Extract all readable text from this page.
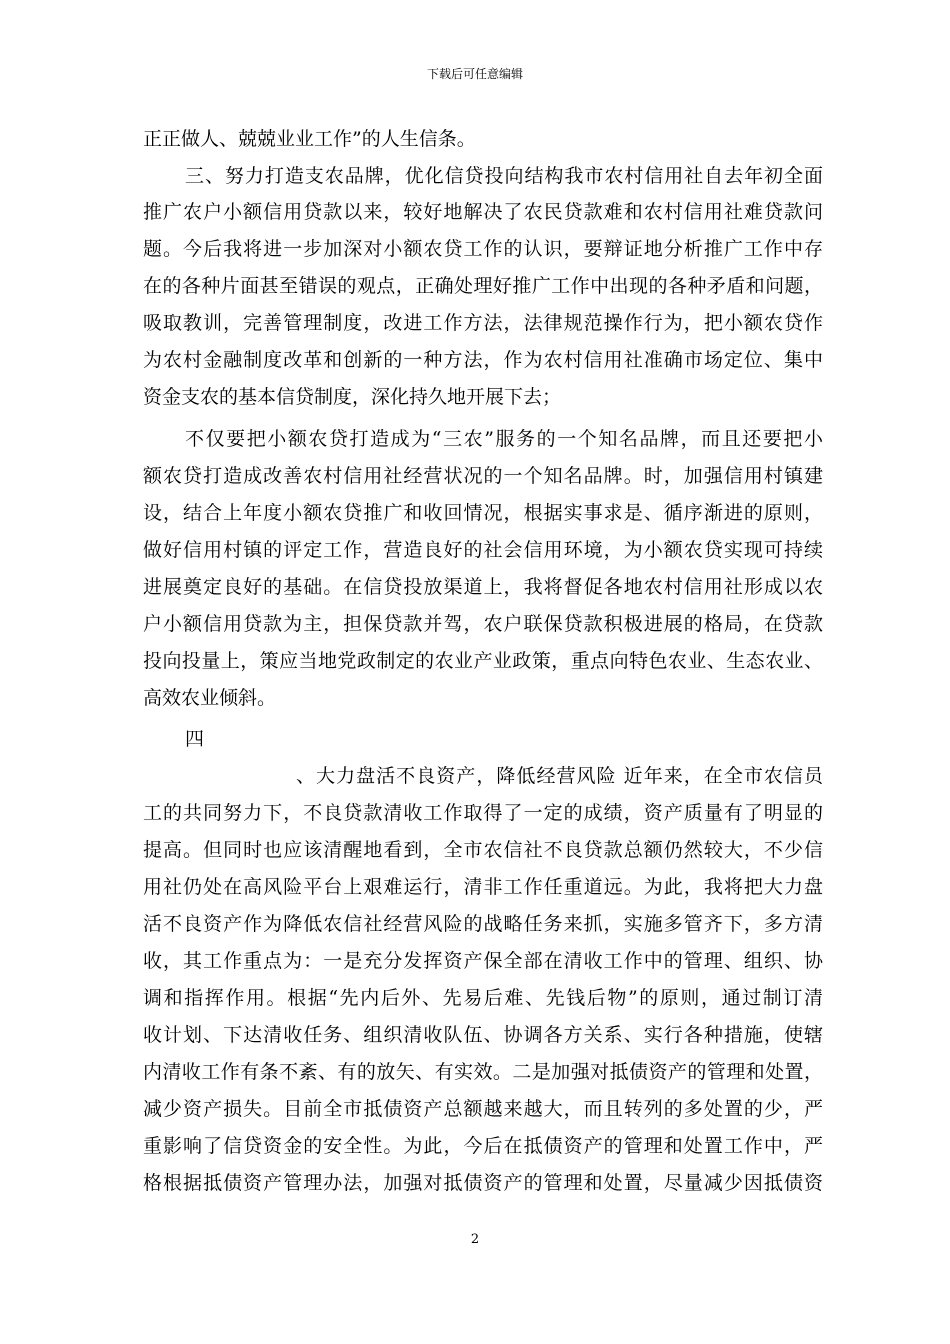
下载后可任意编辑
正正做人、兢兢业业工作”的人生信条。
三、努力打造支农品牌，优化信贷投向结构我市农村信用社自去年初全面
推广农户小额信用贷款以来，较好地解决了农民贷款难和农村信用社难贷款问
题。今后我将进一步加深对小额农贷工作的认识，要辩证地分析推广工作中存
在的各种片面甚至错误的观点，正确处理好推广工作中出现的各种矛盾和问题，
吸取教训，完善管理制度，改进工作方法，法律规范操作行为，把小额农贷作
为农村金融制度改革和创新的一种方法，作为农村信用社准确市场定位、集中
资金支农的基本信贷制度，深化持久地开展下去；
不仅要把小额农贷打造成为“三农”服务的一个知名品牌，而且还要把小
额农贷打造成改善农村信用社经营状况的一个知名品牌。时，加强信用村镇建
设，结合上年度小额农贷推广和收回情况，根据实事求是、循序渐进的原则，
做好信用村镇的评定工作，营造良好的社会信用环境，为小额农贷实现可持续
进展奠定良好的基础。在信贷投放渠道上，我将督促各地农村信用社形成以农
户小额信用贷款为主，担保贷款并驾，农户联保贷款积极进展的格局，在贷款
投向投量上，策应当地党政制定的农业产业政策，重点向特色农业、生态农业、
高效农业倾斜。
四
、大力盘活不良资产，降低经营风险 近年来，在全市农信员
工的共同努力下，不良贷款清收工作取得了一定的成绩，资产质量有了明显的
提高。但同时也应该清醒地看到，全市农信社不良贷款总额仍然较大，不少信
用社仍处在高风险平台上艰难运行，清非工作任重道远。为此，我将把大力盘
活不良资产作为降低农信社经营风险的战略任务来抓，实施多管齐下，多方清
收，其工作重点为：一是充分发挥资产保全部在清收工作中的管理、组织、协
调和指挥作用。根据“先内后外、先易后难、先钱后物”的原则，通过制订清
收计划、下达清收任务、组织清收队伍、协调各方关系、实行各种措施，使辖
内清收工作有条不紊、有的放矢、有实效。二是加强对抵债资产的管理和处置，
减少资产损失。目前全市抵债资产总额越来越大，而且转列的多处置的少，严
重影响了信贷资金的安全性。为此，今后在抵债资产的管理和处置工作中，严
格根据抵债资产管理办法，加强对抵债资产的管理和处置，尽量减少因抵债资
2
